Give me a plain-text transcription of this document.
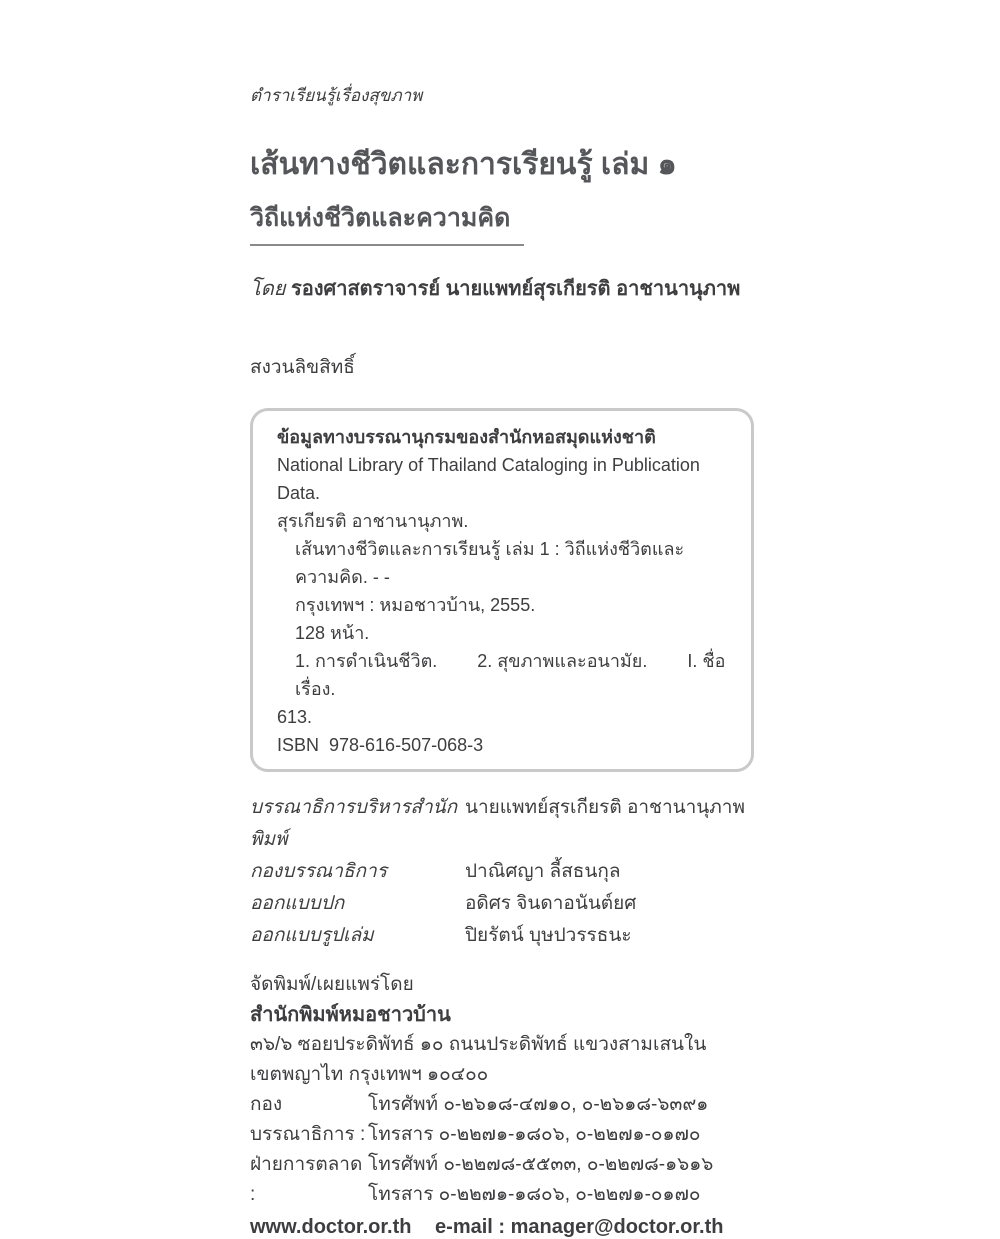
ตำราเรียนรู้เรื่องสุขภาพ
เส้นทางชีวิตและการเรียนรู้ เล่ม ๑
วิถีแห่งชีวิตและความคิด
โดย รองศาสตราจารย์ นายแพทย์สุรเกียรติ อาชานานุภาพ
สงวนลิขสิทธิ์
ข้อมูลทางบรรณานุกรมของสำนักหอสมุดแห่งชาติ
National Library of Thailand Cataloging in Publication Data.
สุรเกียรติ อาชานานุภาพ.
เส้นทางชีวิตและการเรียนรู้ เล่ม 1 : วิถีแห่งชีวิตและความคิด. - -
กรุงเทพฯ : หมอชาวบ้าน, 2555.
128 หน้า.
1. การดำเนินชีวิต.        2. สุขภาพและอนามัย.        I. ชื่อเรื่อง.
613.
ISBN  978-616-507-068-3
บรรณาธิการบริหารสำนักพิมพ์
นายแพทย์สุรเกียรติ อาชานานุภาพ
กองบรรณาธิการ	ปาณิศญา ลี้สธนกุล
ออกแบบปก	อดิศร จินดาอนันต์ยศ
ออกแบบรูปเล่ม	ปิยรัตน์ บุษปวรรธนะ
จัดพิมพ์/เผยแพร่โดย
สำนักพิมพ์หมอชาวบ้าน
๓๖/๖ ซอยประดิพัทธ์ ๑๐ ถนนประดิพัทธ์ แขวงสามเสนใน
เขตพญาไท กรุงเทพฯ ๑๐๔๐๐
กองบรรณาธิการ :
โทรศัพท์ ๐-๒๖๑๘-๔๗๑๐, ๐-๒๖๑๘-๖๓๙๑
โทรสาร ๐-๒๒๗๑-๑๘๐๖, ๐-๒๒๗๑-๐๑๗๐
ฝ่ายการตลาด :
โทรศัพท์ ๐-๒๒๗๘-๕๕๓๓, ๐-๒๒๗๘-๑๖๑๖
โทรสาร ๐-๒๒๗๑-๑๘๐๖, ๐-๒๒๗๑-๐๑๗๐
www.doctor.or.th e-mail : manager@doctor.or.th
